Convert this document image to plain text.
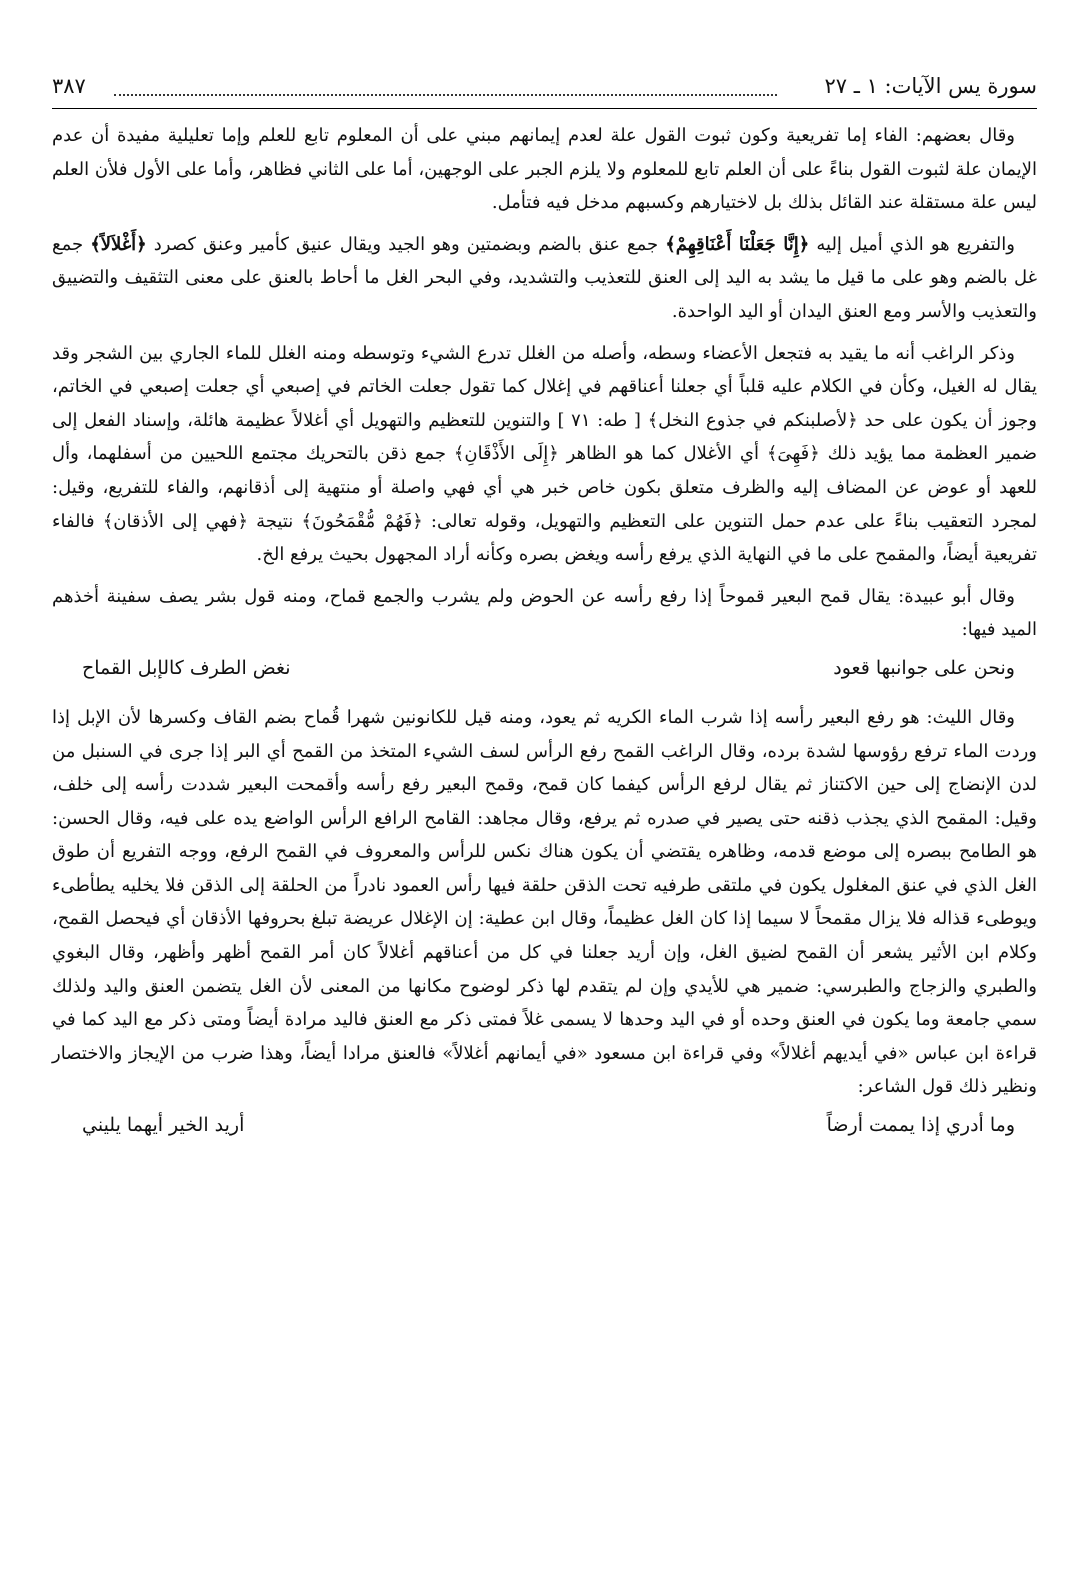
سورة يس الآيات: ١ ـ ٢٧
٣٨٧

وقال بعضهم: الفاء إما تفريعية وكون ثبوت القول علة لعدم إيمانهم مبني على أن المعلوم تابع للعلم وإما تعليلية مفيدة أن عدم الإيمان علة لثبوت القول بناءً على أن العلم تابع للمعلوم ولا يلزم الجبر على الوجهين، أما على الثاني فظاهر، وأما على الأول فلأن العلم ليس علة مستقلة عند القائل بذلك بل لاختيارهم وكسبهم مدخل فيه فتأمل.

والتفريع هو الذي أميل إليه ﴿إِنَّا جَعَلْنَا أَعْنَاقِهِمْ﴾ جمع عنق بالضم وبضمتين وهو الجيد ويقال عنيق كأمير وعنق كصرد ﴿أَغْلاَلاً﴾ جمع غل بالضم وهو على ما قيل ما يشد به اليد إلى العنق للتعذيب والتشديد، وفي البحر الغل ما أحاط بالعنق على معنى التثقيف والتضييق والتعذيب والأسر ومع العنق اليدان أو اليد الواحدة.

وذكر الراغب أنه ما يقيد به فتجعل الأعضاء وسطه، وأصله من الغلل تدرع الشيء وتوسطه ومنه الغلل للماء الجاري بين الشجر وقد يقال له الغيل، وكأن في الكلام عليه قلباً أي جعلنا أعناقهم في إغلال كما تقول جعلت الخاتم في إصبعي أي جعلت إصبعي في الخاتم، وجوز أن يكون على حد ﴿لأصلبنكم في جذوع النخل﴾ [ طه: ٧١ ] والتنوين للتعظيم والتهويل أي أغلالاً عظيمة هائلة، وإسناد الفعل إلى ضمير العظمة مما يؤيد ذلك ﴿فَهِىَ﴾ أي الأغلال كما هو الظاهر ﴿إِلَى الأَذْقَانِ﴾ جمع ذقن بالتحريك مجتمع اللحيين من أسفلهما، وأل للعهد أو عوض عن المضاف إليه والظرف متعلق بكون خاص خبر هي أي فهي واصلة أو منتهية إلى أذقانهم، والفاء للتفريع، وقيل: لمجرد التعقيب بناءً على عدم حمل التنوين على التعظيم والتهويل، وقوله تعالى: ﴿فَهُمْ مُّقْمَحُونَ﴾ نتيجة ﴿فهي إلى الأذقان﴾ فالفاء تفريعية أيضاً، والمقمح على ما في النهاية الذي يرفع رأسه ويغض بصره وكأنه أراد المجهول بحيث يرفع الخ.

وقال أبو عبيدة: يقال قمح البعير قموحاً إذا رفع رأسه عن الحوض ولم يشرب والجمع قماح، ومنه قول بشر يصف سفينة أخذهم الميد فيها:

ونحن على جوانبها قعود
نغض الطرف كالإبل القماح

وقال الليث: هو رفع البعير رأسه إذا شرب الماء الكريه ثم يعود، ومنه قيل للكانونين شهرا قُماح بضم القاف وكسرها لأن الإبل إذا وردت الماء ترفع رؤوسها لشدة برده، وقال الراغب القمح رفع الرأس لسف الشيء المتخذ من القمح أي البر إذا جرى في السنبل من لدن الإنضاج إلى حين الاكتناز ثم يقال لرفع الرأس كيفما كان قمح، وقمح البعير رفع رأسه وأقمحت البعير شددت رأسه إلى خلف، وقيل: المقمح الذي يجذب ذقنه حتى يصير في صدره ثم يرفع، وقال مجاهد: القامح الرافع الرأس الواضع يده على فيه، وقال الحسن: هو الطامح ببصره إلى موضع قدمه، وظاهره يقتضي أن يكون هناك نكس للرأس والمعروف في القمح الرفع، ووجه التفريع أن طوق الغل الذي في عنق المغلول يكون في ملتقى طرفيه تحت الذقن حلقة فيها رأس العمود نادراً من الحلقة إلى الذقن فلا يخليه يطأطىء ويوطىء قذاله فلا يزال مقمحاً لا سيما إذا كان الغل عظيماً، وقال ابن عطية: إن الإغلال عريضة تبلغ بحروفها الأذقان أي فيحصل القمح، وكلام ابن الأثير يشعر أن القمح لضيق الغل، وإن أريد جعلنا في كل من أعناقهم أغلالاً كان أمر القمح أظهر وأظهر، وقال البغوي والطبري والزجاج والطبرسي: ضمير هي للأيدي وإن لم يتقدم لها ذكر لوضوح مكانها من المعنى لأن الغل يتضمن العنق واليد ولذلك سمي جامعة وما يكون في العنق وحده أو في اليد وحدها لا يسمى غلاً فمتى ذكر مع العنق فاليد مرادة أيضاً ومتى ذكر مع اليد كما في قراءة ابن عباس «في أيديهم أغلالاً» وفي قراءة ابن مسعود «في أيمانهم أغلالاً» فالعنق مرادا أيضاً، وهذا ضرب من الإيجاز والاختصار ونظير ذلك قول الشاعر:

وما أدري إذا يممت أرضاً
أريد الخير أيهما يليني
